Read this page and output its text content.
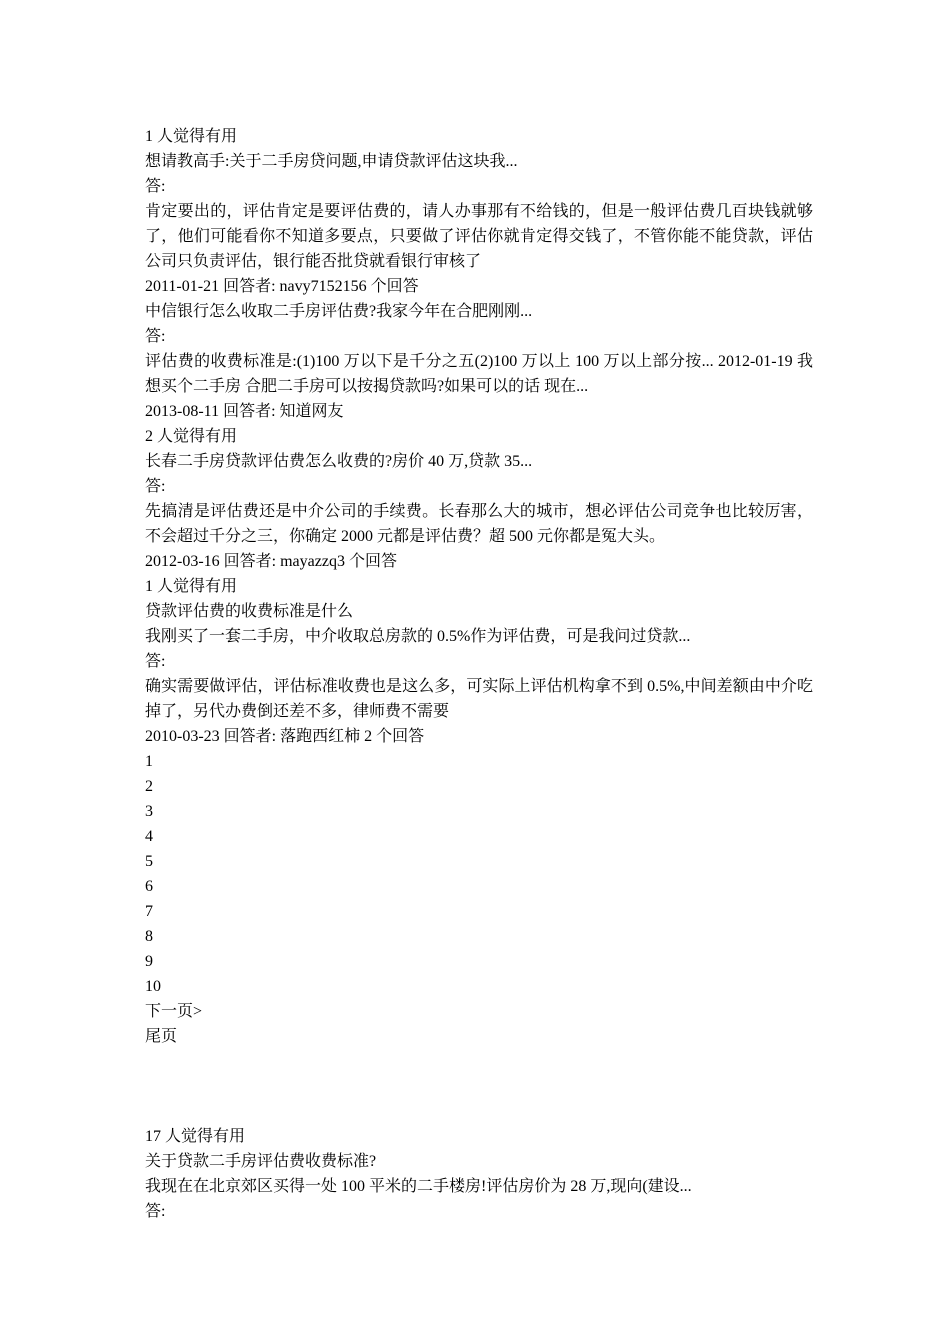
1 人觉得有用

想请教高手:关于二手房贷问题,申请贷款评估这块我...

答:

肯定要出的，评估肯定是要评估费的，请人办事那有不给钱的，但是一般评估费几百块钱就够了，他们可能看你不知道多要点，只要做了评估你就肯定得交钱了，不管你能不能贷款，评估公司只负责评估，银行能否批贷就看银行审核了

2011-01-21 回答者: navy7152156 个回答

中信银行怎么收取二手房评估费?我家今年在合肥刚刚...

答:

评估费的收费标准是:(1)100 万以下是千分之五(2)100 万以上 100 万以上部分按... 2012-01-19 我想买个二手房 合肥二手房可以按揭贷款吗?如果可以的话 现在...

2013-08-11 回答者: 知道网友

2 人觉得有用

长春二手房贷款评估费怎么收费的?房价 40 万,贷款 35...

答:

先搞清是评估费还是中介公司的手续费。长春那么大的城市，想必评估公司竞争也比较厉害，不会超过千分之三，你确定 2000 元都是评估费？超 500 元你都是冤大头。

2012-03-16 回答者: mayazzq3 个回答

1 人觉得有用

贷款评估费的收费标准是什么

我刚买了一套二手房，中介收取总房款的 0.5%作为评估费，可是我问过贷款...

答:

确实需要做评估，评估标准收费也是这么多，可实际上评估机构拿不到 0.5%,中间差额由中介吃掉了，另代办费倒还差不多，律师费不需要

2010-03-23 回答者: 落跑西红柿 2 个回答

1

2

3

4

5

6

7

8

9

10

下一页>

尾页

17 人觉得有用

关于贷款二手房评估费收费标准?

我现在在北京郊区买得一处 100 平米的二手楼房!评估房价为 28 万,现向(建设...

答:
